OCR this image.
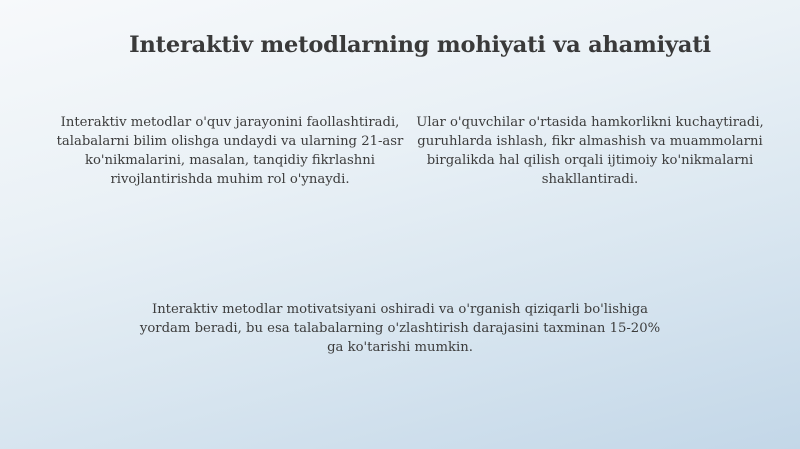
Interaktiv metodlarning mohiyati va ahamiyati

Interaktiv metodlar o'quv jarayonini faollashtiradi, talabalarni bilim olishga undaydi va ularning 21-asr ko'nikmalarini, masalan, tanqidiy fikrlashni rivojlantirishda muhim rol o'ynaydi.

Ular o'quvchilar o'rtasida hamkorlikni kuchaytiradi, guruhlarda ishlash, fikr almashish va muammolarni birgalikda hal qilish orqali ijtimoiy ko'nikmalarni shakllantiradi.

Interaktiv metodlar motivatsiyani oshiradi va o'rganish qiziqarli bo'lishiga yordam beradi, bu esa talabalarning o'zlashtirish darajasini taxminan 15-20% ga ko'tarishi mumkin.
